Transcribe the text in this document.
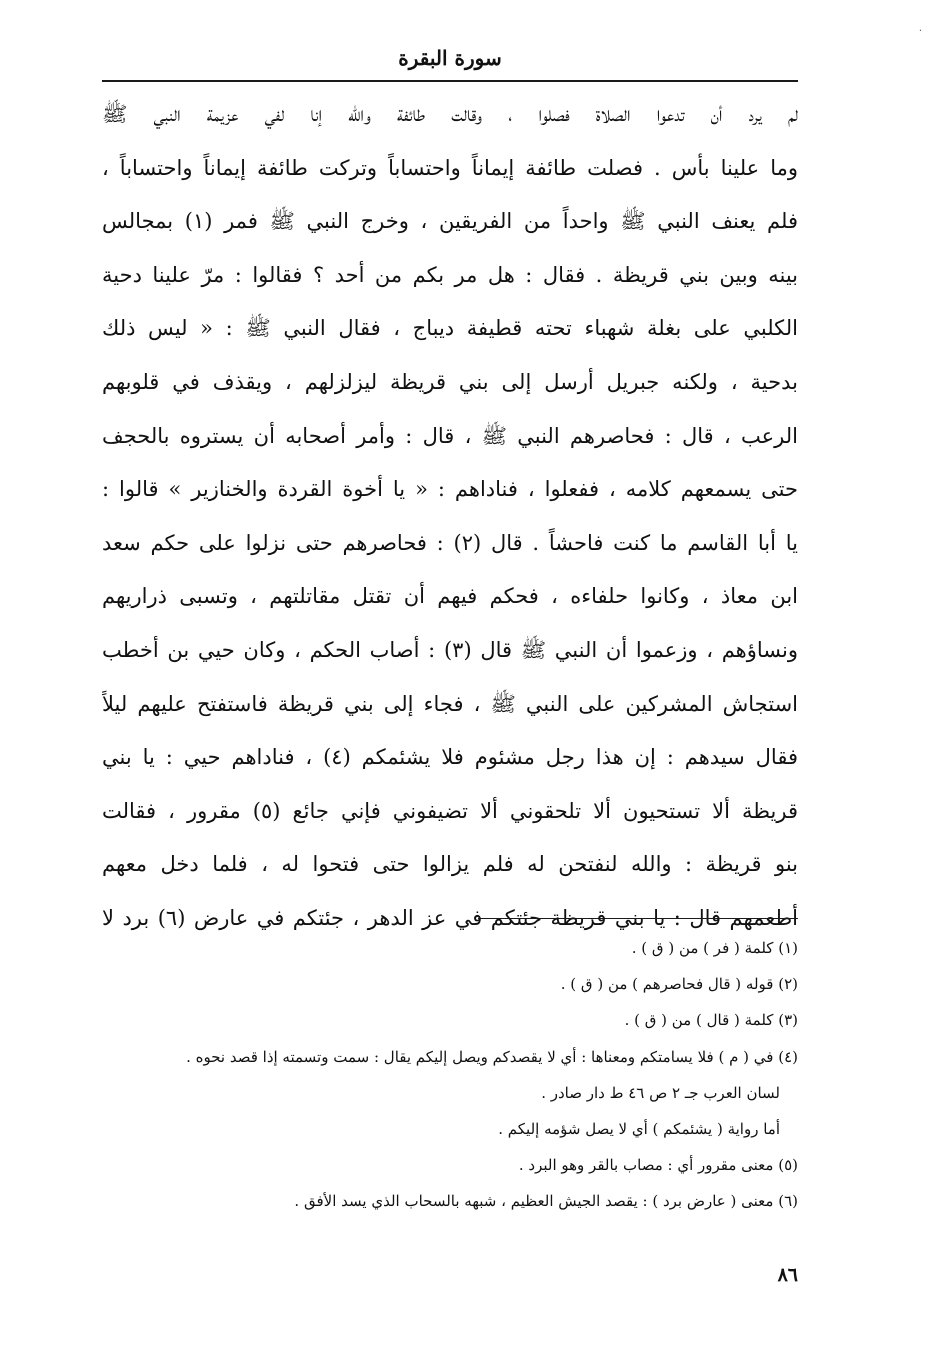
·
سورة البقرة
لم يرد أن تدعوا الصلاة فصلوا ، وقالت طائفة والله إنا لفي عزيمة النبي ﷺ
وما علينا بأس . فصلت طائفة إيماناً واحتساباً وتركت طائفة إيماناً واحتساباً ،
فلم يعنف النبي ﷺ واحداً من الفريقين ، وخرج النبي ﷺ فمر (١) بمجالس
بينه وبين بني قريظة . فقال : هل مر بكم من أحد ؟ فقالوا : مرّ علينا دحية
الكلبي على بغلة شهباء تحته قطيفة ديباج ، فقال النبي ﷺ : « ليس ذلك
بدحية ، ولكنه جبريل أرسل إلى بني قريظة ليزلزلهم ، ويقذف في قلوبهم
الرعب ، قال : فحاصرهم النبي ﷺ ، قال : وأمر أصحابه أن يستروه بالحجف
حتى يسمعهم كلامه ، ففعلوا ، فناداهم : « يا أخوة القردة والخنازير » قالوا :
يا أبا القاسم ما كنت فاحشاً . قال (٢) : فحاصرهم حتى نزلوا على حكم سعد
ابن معاذ ، وكانوا حلفاءه ، فحكم فيهم أن تقتل مقاتلتهم ، وتسبى ذراريهم
ونساؤهم ، وزعموا أن النبي ﷺ قال (٣) : أصاب الحكم ، وكان حيي بن أخطب
استجاش المشركين على النبي ﷺ ، فجاء إلى بني قريظة فاستفتح عليهم ليلاً
فقال سيدهم : إن هذا رجل مشئوم فلا يشئمكم (٤) ، فناداهم حيي : يا بني
قريظة ألا تستحيون ألا تلحقوني ألا تضيفوني فإني جائع (٥) مقرور ، فقالت
بنو قريظة : والله لنفتحن له فلم يزالوا حتى فتحوا له ، فلما دخل معهم
أطعمهم قال : يا بني قريظة جئتكم في عز الدهر ، جئتكم في عارض (٦) برد لا
(١) كلمة ( فر ) من ( ق ) .
(٢) قوله ( قال فحاصرهم ) من ( ق ) .
(٣) كلمة ( قال ) من ( ق ) .
(٤) في ( م ) فلا يسامتكم ومعناها : أي لا يقصدكم ويصل إليكم يقال : سمت وتسمته إذا قصد نحوه .
لسان العرب جـ ٢ ص ٤٦ ط دار صادر .
أما رواية ( يشئمكم ) أي لا يصل شؤمه إليكم .
(٥) معنى مقرور أي : مصاب بالقر وهو البرد .
(٦) معنى ( عارض برد ) : يقصد الجيش العظيم ، شبهه بالسحاب الذي يسد الأفق .
٨٦
